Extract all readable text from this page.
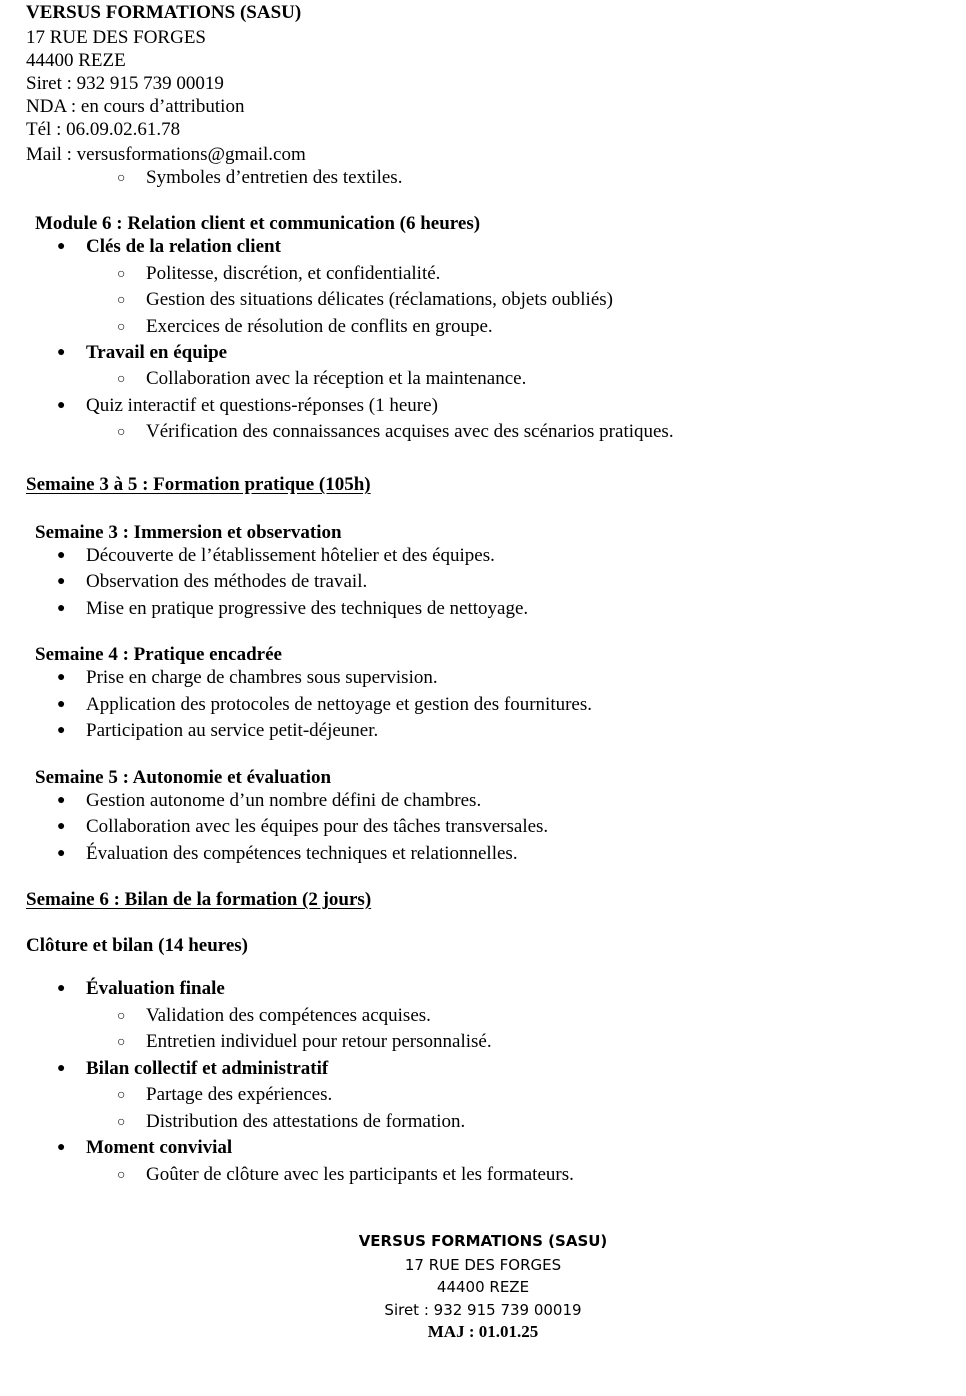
VERSUS FORMATIONS (SASU)
17 RUE DES FORGES
44400 REZE
Siret : 932 915 739 00019
NDA : en cours d’attribution
Tél : 06.09.02.61.78
Mail : versusformations@gmail.com
○ Symboles d’entretien des textiles.
Module 6 : Relation client et communication (6 heures)
● Clés de la relation client
○ Politesse, discrétion, et confidentialité.
○ Gestion des situations délicates (réclamations, objets oubliés)
○ Exercices de résolution de conflits en groupe.
● Travail en équipe
○ Collaboration avec la réception et la maintenance.
● Quiz interactif et questions-réponses (1 heure)
○ Vérification des connaissances acquises avec des scénarios pratiques.
Semaine 3 à 5 : Formation pratique (105h)
Semaine 3 : Immersion et observation
● Découverte de l’établissement hôtelier et des équipes.
● Observation des méthodes de travail.
● Mise en pratique progressive des techniques de nettoyage.
Semaine 4 : Pratique encadrée
● Prise en charge de chambres sous supervision.
● Application des protocoles de nettoyage et gestion des fournitures.
● Participation au service petit-déjeuner.
Semaine 5 : Autonomie et évaluation
● Gestion autonome d’un nombre défini de chambres.
● Collaboration avec les équipes pour des tâches transversales.
● Évaluation des compétences techniques et relationnelles.
Semaine 6 : Bilan de la formation (2 jours)
Clôture et bilan (14 heures)
● Évaluation finale
○ Validation des compétences acquises.
○ Entretien individuel pour retour personnalisé.
● Bilan collectif et administratif
○ Partage des expériences.
○ Distribution des attestations de formation.
● Moment convivial
○ Goûter de clôture avec les participants et les formateurs.
VERSUS FORMATIONS (SASU)
17 RUE DES FORGES
44400 REZE
Siret : 932 915 739 00019
MAJ : 01.01.25
